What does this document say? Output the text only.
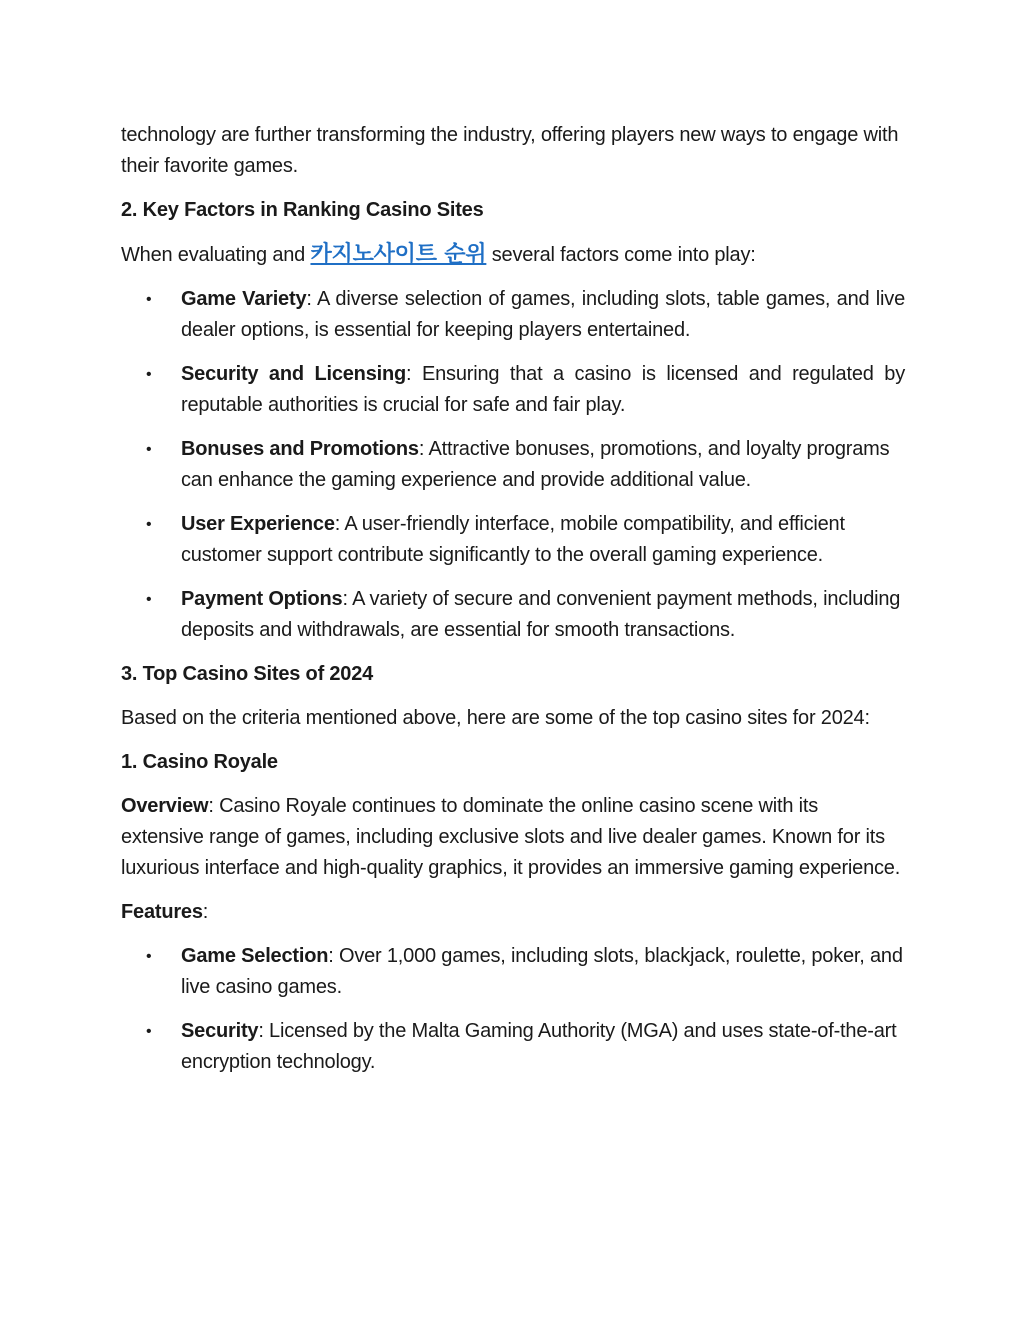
technology are further transforming the industry, offering players new ways to engage with their favorite games.

2. Key Factors in Ranking Casino Sites

When evaluating and 카지노사이트 순위 several factors come into play:

• Game Variety: A diverse selection of games, including slots, table games, and live dealer options, is essential for keeping players entertained.
• Security and Licensing: Ensuring that a casino is licensed and regulated by reputable authorities is crucial for safe and fair play.
• Bonuses and Promotions: Attractive bonuses, promotions, and loyalty programs can enhance the gaming experience and provide additional value.
• User Experience: A user-friendly interface, mobile compatibility, and efficient customer support contribute significantly to the overall gaming experience.
• Payment Options: A variety of secure and convenient payment methods, including deposits and withdrawals, are essential for smooth transactions.

3. Top Casino Sites of 2024

Based on the criteria mentioned above, here are some of the top casino sites for 2024:

1. Casino Royale

Overview: Casino Royale continues to dominate the online casino scene with its extensive range of games, including exclusive slots and live dealer games. Known for its luxurious interface and high-quality graphics, it provides an immersive gaming experience.

Features:

• Game Selection: Over 1,000 games, including slots, blackjack, roulette, poker, and live casino games.
• Security: Licensed by the Malta Gaming Authority (MGA) and uses state-of-the-art encryption technology.
